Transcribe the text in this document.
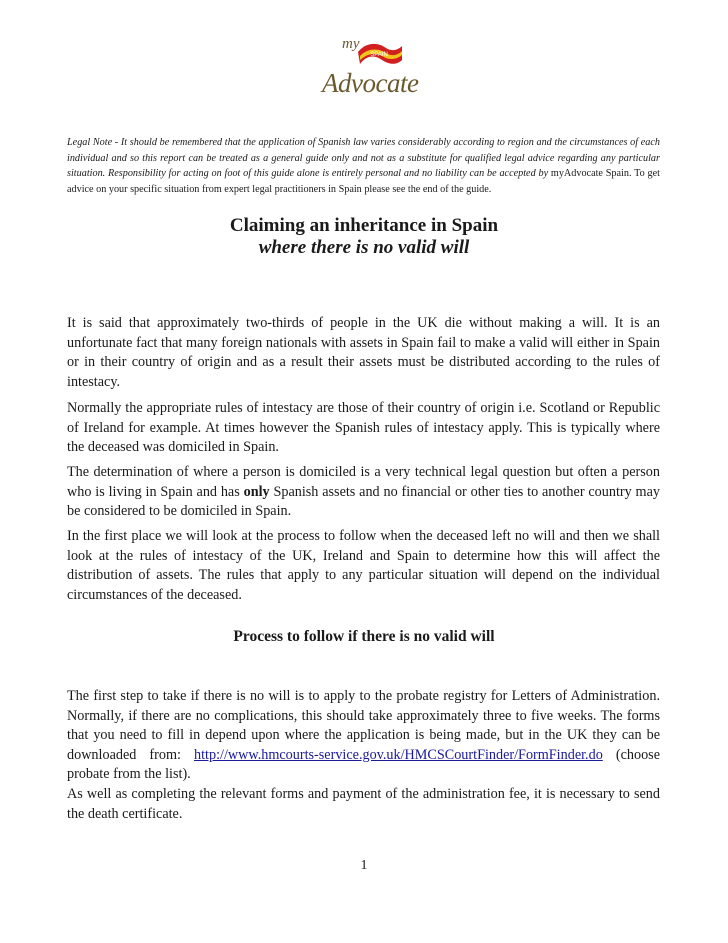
my
SPAIN
Advocate
Legal Note - It should be remembered that the application of Spanish law varies considerably according to region and the circumstances of each individual and so this report can be treated as a general guide only and not as a substitute for qualified legal advice regarding any particular situation. Responsibility for acting on foot of this guide alone is entirely personal and no liability can be accepted by myAdvocate Spain. To get advice on your specific situation from expert legal practitioners in Spain please see the end of the guide.
Claiming an inheritance in Spain
where there is no valid will
It is said that approximately two-thirds of people in the UK die without making a will. It is an unfortunate fact that many foreign nationals with assets in Spain fail to make a valid will either in Spain or in their country of origin and as a result their assets must be distributed according to the rules of intestacy.
Normally the appropriate rules of intestacy are those of their country of origin i.e. Scotland or Republic of Ireland for example. At times however the Spanish rules of intestacy apply. This is typically where the deceased was domiciled in Spain.
The determination of where a person is domiciled is a very technical legal question but often a person who is living in Spain and has only Spanish assets and no financial or other ties to another country may be considered to be domiciled in Spain.
In the first place we will look at the process to follow when the deceased left no will and then we shall look at the rules of intestacy of the UK, Ireland and Spain to determine how this will affect the distribution of assets. The rules that apply to any particular situation will depend on the individual circumstances of the deceased.
Process to follow if there is no valid will
The first step to take if there is no will is to apply to the probate registry for Letters of Administration. Normally, if there are no complications, this should take approximately three to five weeks. The forms that you need to fill in depend upon where the application is being made, but in the UK they can be downloaded from: http://www.hmcourts-service.gov.uk/HMCSCourtFinder/FormFinder.do (choose probate from the list).
As well as completing the relevant forms and payment of the administration fee, it is necessary to send the death certificate.
1
